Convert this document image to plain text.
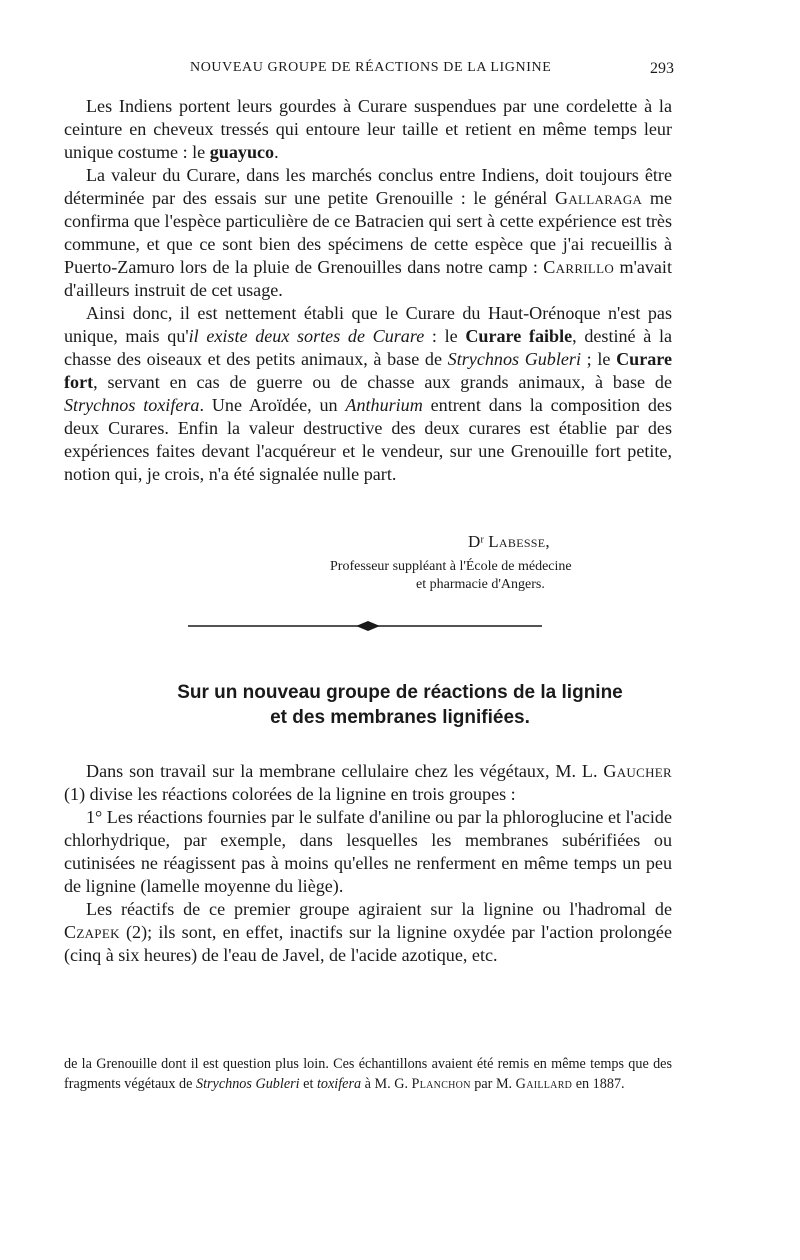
NOUVEAU GROUPE DE RÉACTIONS DE LA LIGNINE	293

Les Indiens portent leurs gourdes à Curare suspendues par une cordelette à la ceinture en cheveux tressés qui entoure leur taille et retient en même temps leur unique costume : le guayuco.

La valeur du Curare, dans les marchés conclus entre Indiens, doit toujours être déterminée par des essais sur une petite Grenouille : le général Gallaraga me confirma que l'espèce particulière de ce Batracien qui sert à cette expérience est très commune, et que ce sont bien des spécimens de cette espèce que j'ai recueillis à Puerto-Zamuro lors de la pluie de Grenouilles dans notre camp : Carrillo m'avait d'ailleurs instruit de cet usage.

Ainsi donc, il est nettement établi que le Curare du Haut-Orénoque n'est pas unique, mais qu'il existe deux sortes de Curare : le Curare faible, destiné à la chasse des oiseaux et des petits animaux, à base de Strychnos Gubleri ; le Curare fort, servant en cas de guerre ou de chasse aux grands animaux, à base de Strychnos toxifera. Une Aroïdée, un Anthurium entrent dans la composition des deux Curares. Enfin la valeur destructive des deux curares est établie par des expériences faites devant l'acquéreur et le vendeur, sur une Grenouille fort petite, notion qui, je crois, n'a été signalée nulle part.

Dʳ Labesse,
Professeur suppléant à l'École de médecine
et pharmacie d'Angers.
Sur un nouveau groupe de réactions de la lignine
et des membranes lignifiées.

Dans son travail sur la membrane cellulaire chez les végétaux, M. L. Gaucher (1) divise les réactions colorées de la lignine en trois groupes :

1° Les réactions fournies par le sulfate d'aniline ou par la phloroglucine et l'acide chlorhydrique, par exemple, dans lesquelles les membranes subérifiées ou cutinisées ne réagissent pas à moins qu'elles ne renferment en même temps un peu de lignine (lamelle moyenne du liège).

Les réactifs de ce premier groupe agiraient sur la lignine ou l'hadromal de Czapek (2); ils sont, en effet, inactifs sur la lignine oxydée par l'action prolongée (cinq à six heures) de l'eau de Javel, de l'acide azotique, etc.

de la Grenouille dont il est question plus loin. Ces échantillons avaient été remis en même temps que des fragments végétaux de Strychnos Gubleri et toxifera à M. G. Planchon par M. Gaillard en 1887.
